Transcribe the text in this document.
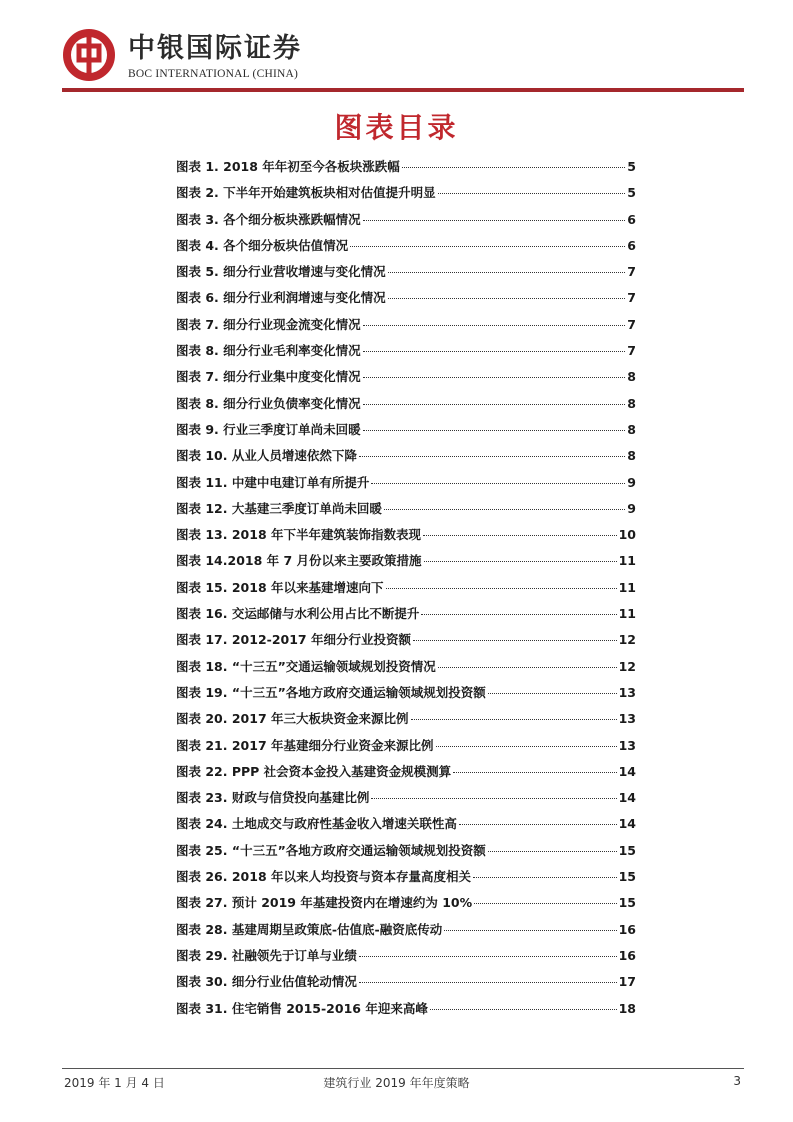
中银国际证券
BOC INTERNATIONAL (CHINA)
图表目录
图表 1. 2018 年年初至今各板块涨跌幅	5
图表 2. 下半年开始建筑板块相对估值提升明显	5
图表 3. 各个细分板块涨跌幅情况	6
图表 4. 各个细分板块估值情况	6
图表 5. 细分行业营收增速与变化情况	7
图表 6. 细分行业利润增速与变化情况	7
图表 7. 细分行业现金流变化情况	7
图表 8. 细分行业毛利率变化情况	7
图表 7. 细分行业集中度变化情况	8
图表 8. 细分行业负债率变化情况	8
图表 9. 行业三季度订单尚未回暖	8
图表 10. 从业人员增速依然下降	8
图表 11. 中建中电建订单有所提升	9
图表 12. 大基建三季度订单尚未回暖	9
图表 13. 2018 年下半年建筑装饰指数表现	10
图表 14.2018 年 7 月份以来主要政策措施	11
图表 15. 2018 年以来基建增速向下	11
图表 16. 交运邮储与水利公用占比不断提升	11
图表 17. 2012-2017 年细分行业投资额	12
图表 18. “十三五”交通运输领域规划投资情况	12
图表 19. “十三五”各地方政府交通运输领域规划投资额	13
图表 20. 2017 年三大板块资金来源比例	13
图表 21. 2017 年基建细分行业资金来源比例	13
图表 22. PPP 社会资本金投入基建资金规模测算	14
图表 23. 财政与信贷投向基建比例	14
图表 24. 土地成交与政府性基金收入增速关联性高	14
图表 25. “十三五”各地方政府交通运输领域规划投资额	15
图表 26. 2018 年以来人均投资与资本存量高度相关	15
图表 27. 预计 2019 年基建投资内在增速约为 10%	15
图表 28. 基建周期呈政策底-估值底-融资底传动	16
图表 29. 社融领先于订单与业绩	16
图表 30. 细分行业估值轮动情况	17
图表 31. 住宅销售 2015-2016 年迎来高峰	18
2019 年 1 月 4 日	建筑行业 2019 年年度策略	3
